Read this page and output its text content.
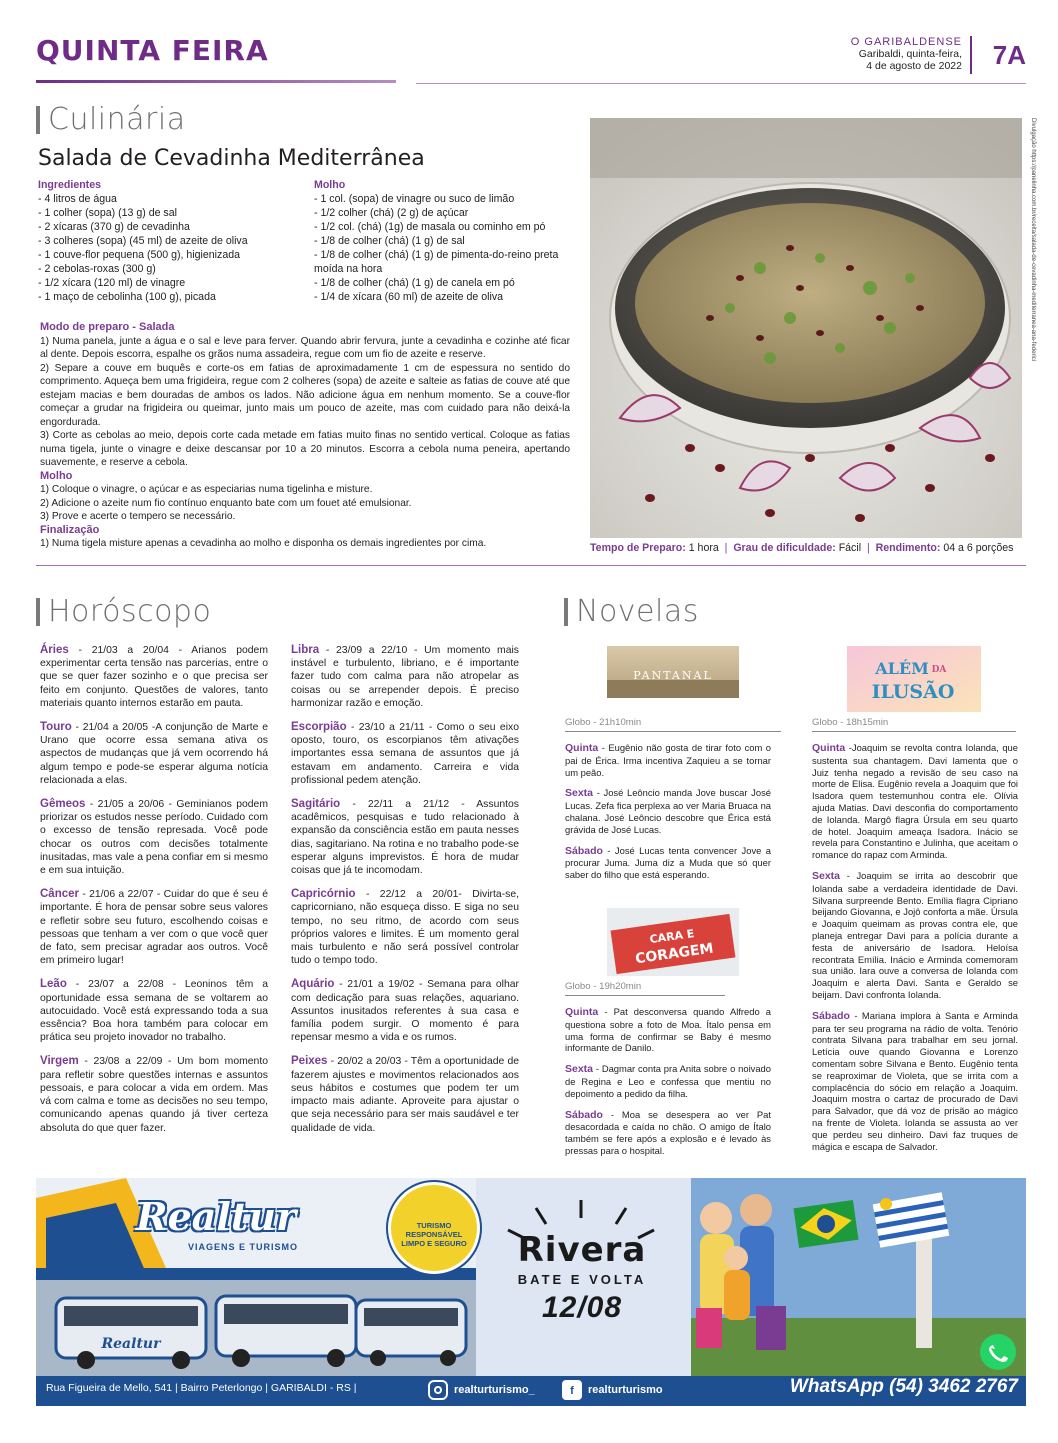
QUINTA FEIRA	O GARIBALDENSE
Garibaldi, quinta-feira,
4 de agosto de 2022 7A
Culinária
Salada de Cevadinha Mediterrânea
Ingredientes
- 4 litros de água
- 1 colher (sopa) (13 g) de sal
- 2 xícaras (370 g) de cevadinha
- 3 colheres (sopa) (45 ml) de azeite de oliva
- 1 couve-flor pequena (500 g), higienizada
- 2 cebolas-roxas (300 g)
- 1/2 xícara (120 ml) de vinagre
- 1 maço de cebolinha (100 g), picada
Molho
- 1 col. (sopa) de vinagre ou suco de limão
- 1/2 colher (chá) (2 g) de açúcar
- 1/2 col. (chá) (1g) de masala ou cominho em pó
- 1/8 de colher (chá) (1 g) de sal
- 1/8 de colher (chá) (1 g) de pimenta-do-reino preta moída na hora
- 1/8 de colher (chá) (1 g) de canela em pó
- 1/4 de xícara (60 ml) de azeite de oliva
Modo de preparo - Salada
1) Numa panela, junte a água e o sal e leve para ferver. Quando abrir fervura, junte a cevadinha e cozinhe até ficar al dente. Depois escorra, espalhe os grãos numa assadeira, regue com um fio de azeite e reserve.
2) Separe a couve em buquês e corte-os em fatias de aproximadamente 1 cm de espessura no sentido do comprimento. Aqueça bem uma frigideira, regue com 2 colheres (sopa) de azeite e salteie as fatias de couve até que estejam macias e bem douradas de ambos os lados. Não adicione água em nenhum momento. Se a couve-flor começar a grudar na frigideira ou queimar, junto mais um pouco de azeite, mas com cuidado para não deixá-la engordurada.
3) Corte as cebolas ao meio, depois corte cada metade em fatias muito finas no sentido vertical. Coloque as fatias numa tigela, junte o vinagre e deixe descansar por 10 a 20 minutos. Escorra a cebola numa peneira, apertando suavemente, e reserve a cebola.
Molho
1) Coloque o vinagre, o açúcar e as especiarias numa tigelinha e misture.
2) Adicione o azeite num fio contínuo enquanto bate com um fouet até emulsionar.
3) Prove e acerte o tempero se necessário.
Finalização
1) Numa tigela misture apenas a cevadinha ao molho e disponha os demais ingredientes por cima.
Divulgação https://panelinha.com.br/receita/salada-de-cevadinha-mediterranea-ana-federici
Tempo de Preparo: 1 hora  |  Grau de dificuldade: Fácil  |  Rendimento: 04 a 6 porções
Horóscopo

Áries - 21/03 a 20/04 - Arianos podem experimentar certa tensão nas parcerias, entre o que se quer fazer sozinho e o que precisa ser feito em conjunto. Questões de valores, tanto materiais quanto internos estarão em pauta.

Touro - 21/04 a 20/05 -A conjunção de Marte e Urano que ocorre essa semana ativa os aspectos de mudanças que já vem ocorrendo há algum tempo e pode-se esperar alguma notícia relacionada a elas.

Gêmeos - 21/05 a 20/06 - Geminianos podem priorizar os estudos nesse período. Cuidado com o excesso de tensão represada. Você pode chocar os outros com decisões totalmente inusitadas, mas vale a pena confiar em si mesmo e em sua intuição.

Câncer - 21/06 a 22/07 - Cuidar do que é seu é importante. É hora de pensar sobre seus valores e refletir sobre seu futuro, escolhendo coisas e pessoas que tenham a ver com o que você quer de fato, sem precisar agradar aos outros. Você em primeiro lugar!

Leão - 23/07 a 22/08 - Leoninos têm a oportunidade essa semana de se voltarem ao autocuidado. Você está expressando toda a sua essência? Boa hora também para colocar em prática seu projeto inovador no trabalho.

Virgem - 23/08 a 22/09 - Um bom momento para refletir sobre questões internas e assuntos pessoais, e para colocar a vida em ordem. Mas vá com calma e tome as decisões no seu tempo, comunicando apenas quando já tiver certeza absoluta do que quer fazer.

Libra - 23/09 a 22/10 - Um momento mais instável e turbulento, libriano, e é importante fazer tudo com calma para não atropelar as coisas ou se arrepender depois. É preciso harmonizar razão e emoção.

Escorpião - 23/10 a 21/11 - Como o seu eixo oposto, touro, os escorpianos têm ativações importantes essa semana de assuntos que já estavam em andamento. Carreira e vida profissional pedem atenção.

Sagitário - 22/11 a 21/12 - Assuntos acadêmicos, pesquisas e tudo relacionado à expansão da consciência estão em pauta nesses dias, sagitariano. Na rotina e no trabalho pode-se esperar alguns imprevistos. É hora de mudar coisas que já te incomodam.

Capricórnio - 22/12 a 20/01- Divirta-se, capricorniano, não esqueça disso. E siga no seu tempo, no seu ritmo, de acordo com seus próprios valores e limites. É um momento geral mais turbulento e não será possível controlar tudo o tempo todo.

Aquário - 21/01 a 19/02 - Semana para olhar com dedicação para suas relações, aquariano. Assuntos inusitados referentes à sua casa e família podem surgir. O momento é para repensar mesmo a vida e os rumos.

Peixes - 20/02 a 20/03 - Têm a oportunidade de fazerem ajustes e movimentos relacionados aos seus hábitos e costumes que podem ter um impacto mais adiante. Aproveite para ajustar o que seja necessário para ser mais saudável e ter qualidade de vida.

Novelas
PANTANAL
Globo - 21h10min

Quinta - Eugênio não gosta de tirar foto com o pai de Érica. Irma incentiva Zaquieu a se tornar um peão.

Sexta - José Leôncio manda Jove buscar José Lucas. Zefa fica perplexa ao ver Maria Bruaca na chalana. José Leôncio descobre que Érica está grávida de José Lucas.

Sábado - José Lucas tenta convencer Jove a procurar Juma. Juma diz a Muda que só quer saber do filho que está esperando.

CARA E
CORAGEM
Globo - 19h20min

Quinta - Pat desconversa quando Alfredo a questiona sobre a foto de Moa. Ítalo pensa em uma forma de confirmar se Baby é mesmo informante de Danilo.

Sexta - Dagmar conta pra Anita sobre o noivado de Regina e Leo e confessa que mentiu no depoimento a pedido da filha.

Sábado - Moa se desespera ao ver Pat desacordada e caída no chão. O amigo de Ítalo também se fere após a explosão e é levado às pressas para o hospital.

ALÉM DA
ILUSÃO
Globo - 18h15min

Quinta -Joaquim se revolta contra Iolanda, que sustenta sua chantagem. Davi lamenta que o Juiz tenha negado a revisão de seu caso na morte de Elisa. Eugênio revela a Joaquim que foi Isadora quem testemunhou contra ele. Olívia ajuda Matias. Davi desconfia do comportamento de Iolanda. Margô flagra Úrsula em seu quarto de hotel. Joaquim ameaça Isadora. Inácio se revela para Constantino e Julinha, que aceitam o romance do rapaz com Arminda.

Sexta - Joaquim se irrita ao descobrir que Iolanda sabe a verdadeira identidade de Davi. Silvana surpreende Bento. Emília flagra Cipriano beijando Giovanna, e Jojô conforta a mãe. Úrsula e Joaquim queimam as provas contra ele, que planeja entregar Davi para a polícia durante a festa de aniversário de Isadora. Heloísa recontrata Emília. Inácio e Arminda comemoram sua união. Iara ouve a conversa de Iolanda com Joaquim e alerta Davi. Santa e Geraldo se beijam. Davi confronta Iolanda.

Sábado - Mariana implora à Santa e Arminda para ter seu programa na rádio de volta. Tenório contrata Silvana para trabalhar em seu jornal. Letícia ouve quando Giovanna e Lorenzo comentam sobre Silvana e Bento. Eugênio tenta se reaproximar de Violeta, que se irrita com a complacência do sócio em relação a Joaquim. Joaquim mostra o cartaz de procurado de Davi para Salvador, que dá voz de prisão ao mágico na frente de Violeta. Iolanda se assusta ao ver que perdeu seu dinheiro. Davi faz truques de mágica e escapa de Salvador.

Realtur
Realtur
VIAGENS E TURISMO
TURISMO
RESPONSÁVEL
LIMPO E SEGURO	Rivera
BATE E VOLTA
12/08
Rua Figueira de Mello, 541 | Bairro Peterlongo | GARIBALDI - RS |	realturturismo_	f realturturismo	WhatsApp (54) 3462 2767
